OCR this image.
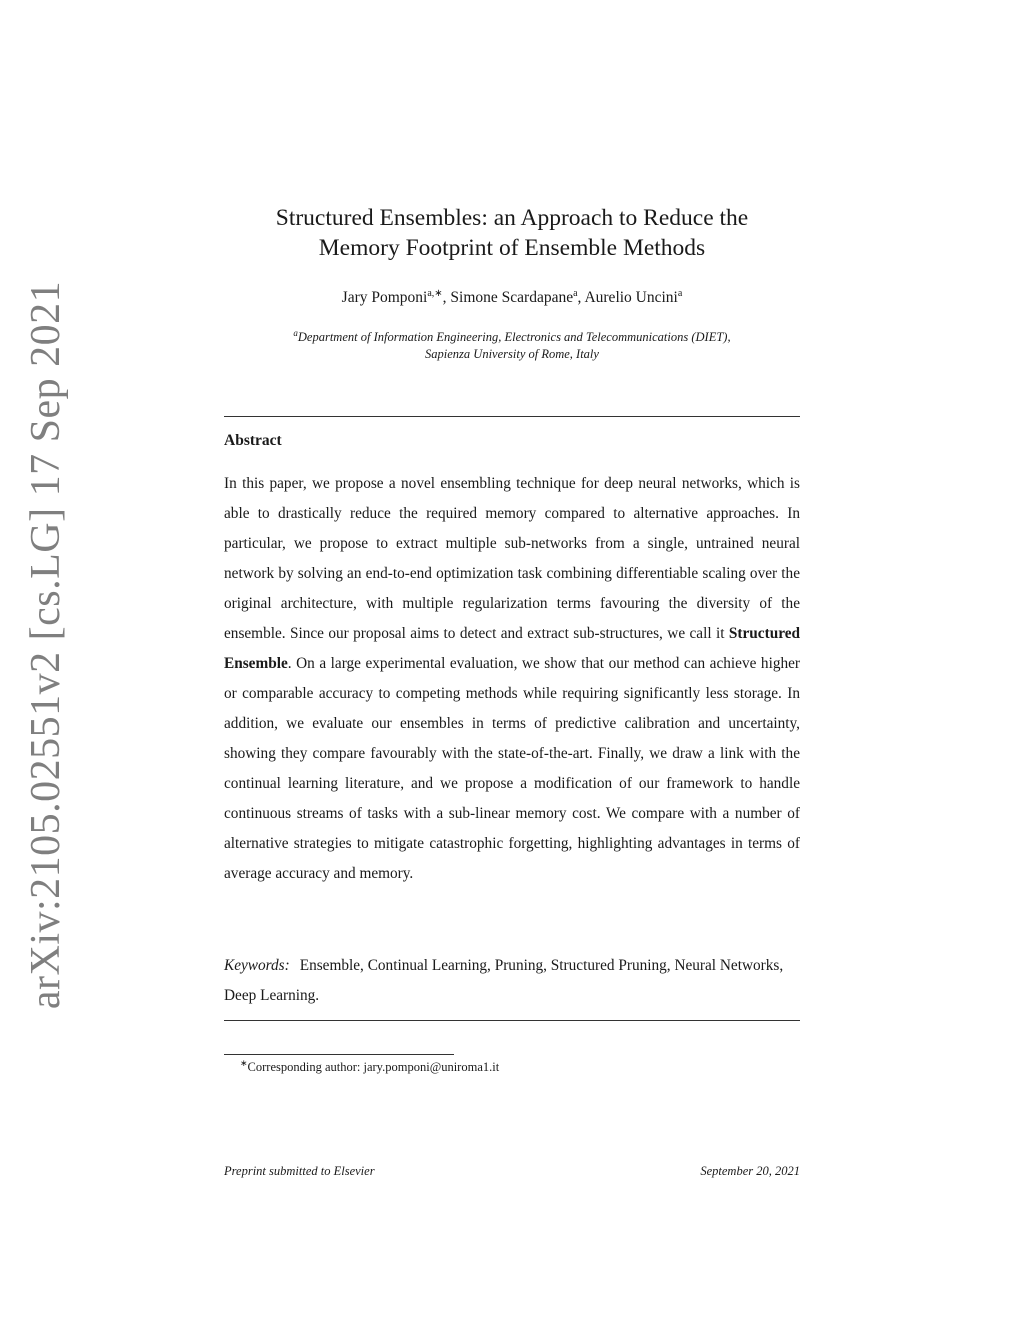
arXiv:2105.02551v2 [cs.LG] 17 Sep 2021
Structured Ensembles: an Approach to Reduce the
Memory Footprint of Ensemble Methods
Jary Pomponi$^{a,∗}$, Simone Scardapane$^a$, Aurelio Uncini$^a$
$^a$Department of Information Engineering, Electronics and Telecommunications (DIET),
Sapienza University of Rome, Italy
Abstract
In this paper, we propose a novel ensembling technique for deep neural networks, which is able to drastically reduce the required memory compared to alternative approaches. In particular, we propose to extract multiple sub-networks from a single, untrained neural network by solving an end-to-end optimization task combining differentiable scaling over the original architecture, with multiple regularization terms favouring the diversity of the ensemble. Since our proposal aims to detect and extract sub-structures, we call it Structured Ensemble. On a large experimental evaluation, we show that our method can achieve higher or comparable accuracy to competing methods while requiring significantly less storage. In addition, we evaluate our ensembles in terms of predictive calibration and uncertainty, showing they compare favourably with the state-of-the-art. Finally, we draw a link with the continual learning literature, and we propose a modification of our framework to handle continuous streams of tasks with a sub-linear memory cost. We compare with a number of alternative strategies to mitigate catastrophic forgetting, highlighting advantages in terms of average accuracy and memory.
Keywords: Ensemble, Continual Learning, Pruning, Structured Pruning, Neural Networks, Deep Learning.
∗Corresponding author: jary.pomponi@uniroma1.it
Preprint submitted to Elsevier	September 20, 2021
